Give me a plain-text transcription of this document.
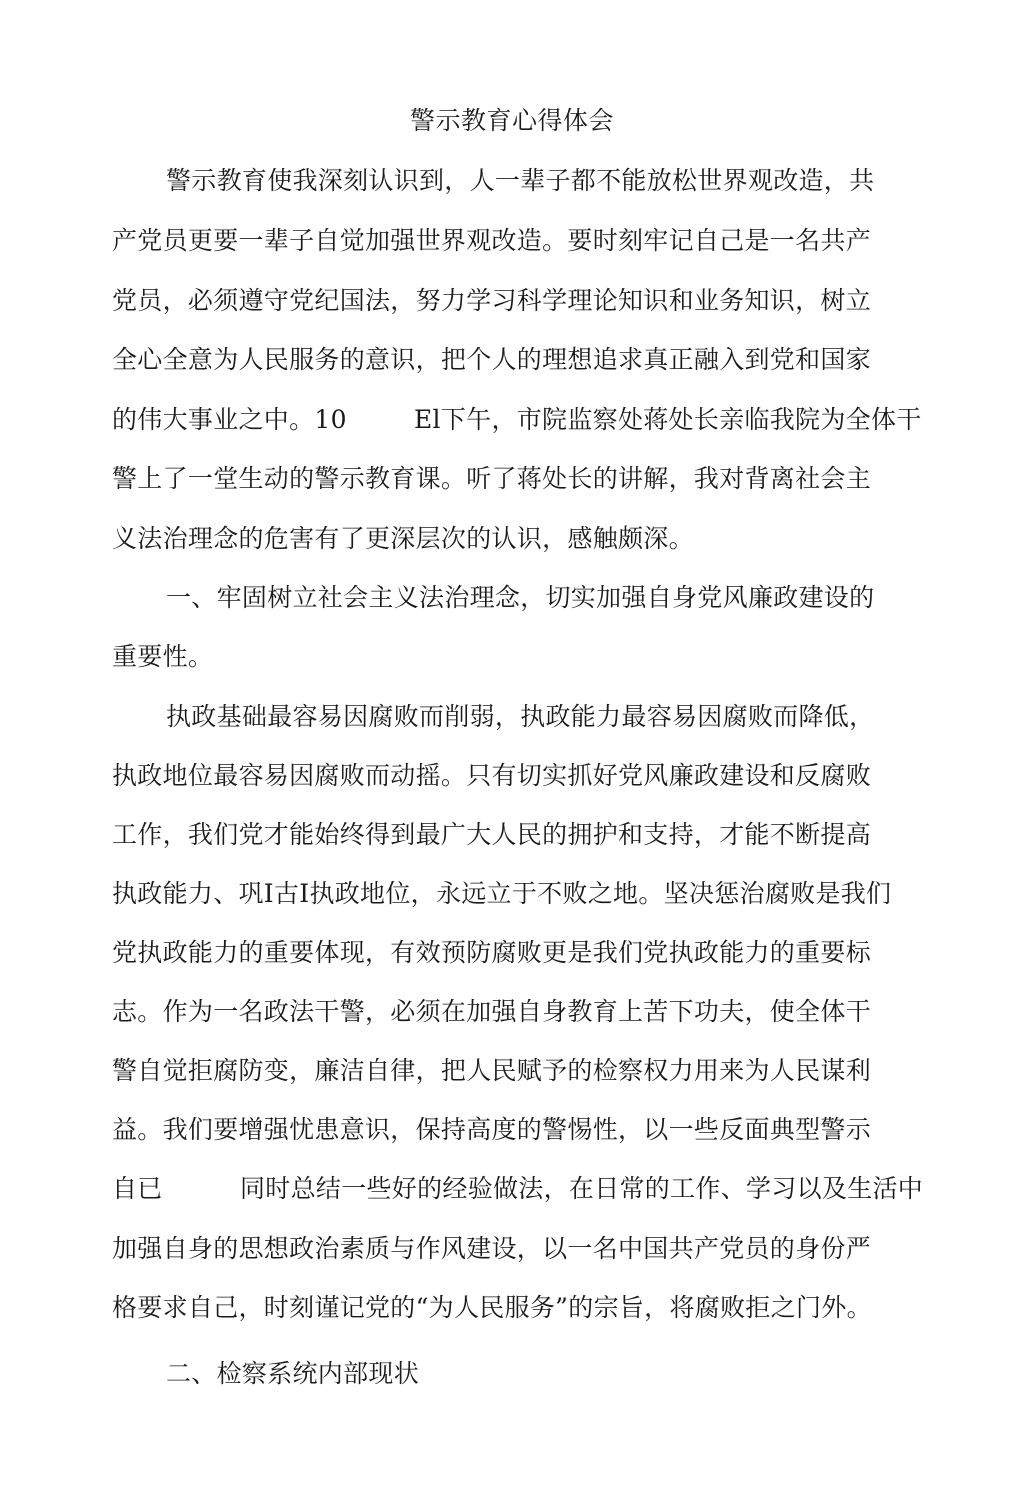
警示教育心得体会
警示教育使我深刻认识到，人一辈子都不能放松世界观改造，共
产党员更要一辈子自觉加强世界观改造。要时刻牢记自己是一名共产
党员，必须遵守党纪国法，努力学习科学理论知识和业务知识，树立
全心全意为人民服务的意识，把个人的理想追求真正融入到党和国家
的伟大事业之中。10	El下午，市院监察处蒋处长亲临我院为全体干
警上了一堂生动的警示教育课。听了蒋处长的讲解，我对背离社会主
义法治理念的危害有了更深层次的认识，感触颇深。
一、牢固树立社会主义法治理念，切实加强自身党风廉政建设的
重要性。
执政基础最容易因腐败而削弱，执政能力最容易因腐败而降低，
执政地位最容易因腐败而动摇。只有切实抓好党风廉政建设和反腐败
工作，我们党才能始终得到最广大人民的拥护和支持，才能不断提高
执政能力、巩I古I执政地位，永远立于不败之地。坚决惩治腐败是我们
党执政能力的重要体现，有效预防腐败更是我们党执政能力的重要标
志。作为一名政法干警，必须在加强自身教育上苦下功夫，使全体干
警自觉拒腐防变，廉洁自律，把人民赋予的检察权力用来为人民谋利
益。我们要增强忧患意识，保持高度的警惕性，以一些反面典型警示
自已	同时总结一些好的经验做法，在日常的工作、学习以及生活中
加强自身的思想政治素质与作风建设，以一名中国共产党员的身份严
格要求自己，时刻谨记党的“为人民服务”的宗旨，将腐败拒之门外。
二、检察系统内部现状
